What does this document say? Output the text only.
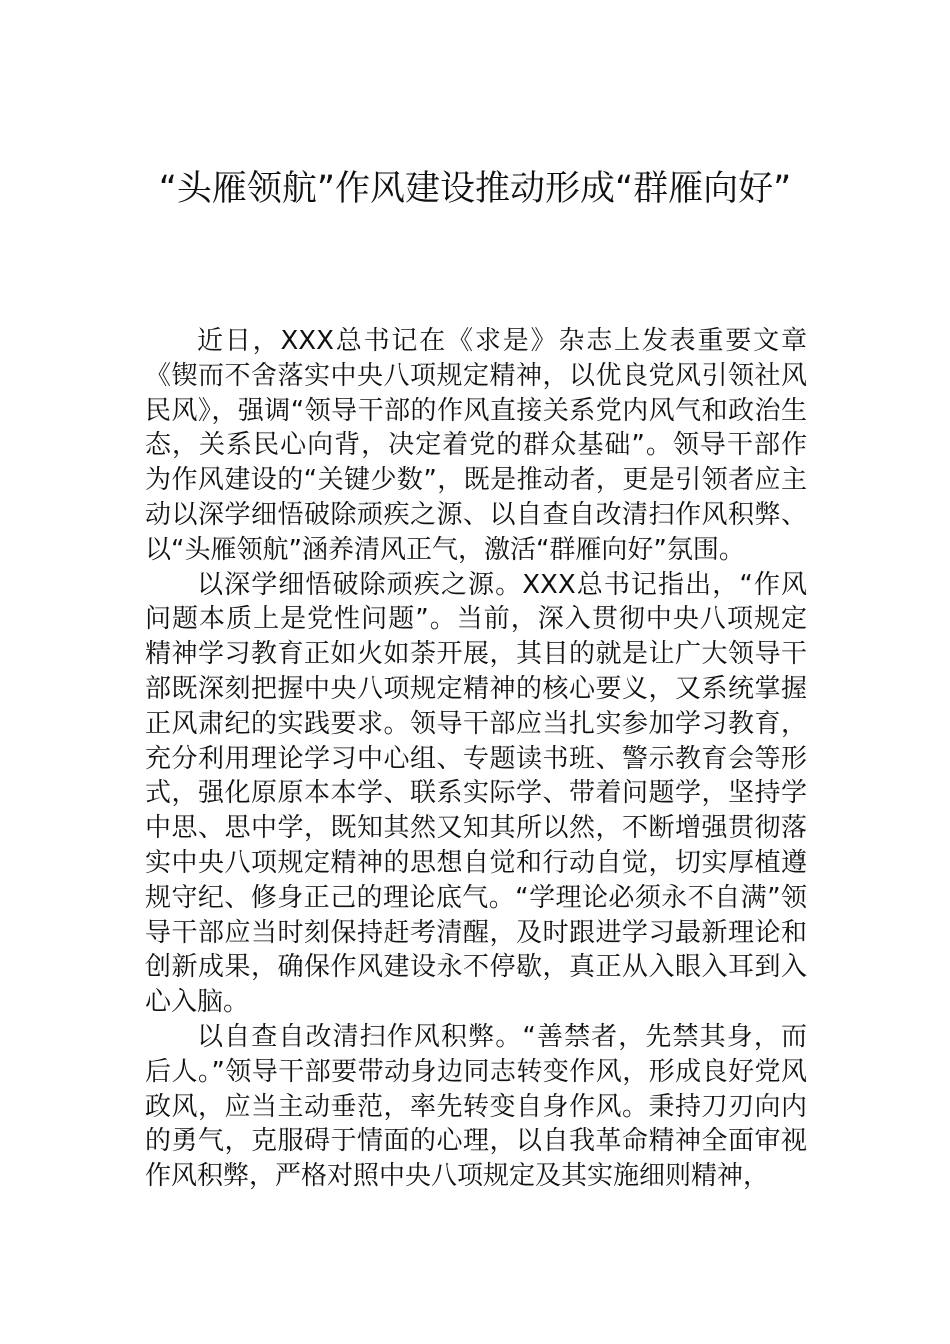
“头雁领航”作风建设推动形成“群雁向好”

近日，XXX总书记在《求是》杂志上发表重要文章《锲而不舍落实中央八项规定精神，以优良党风引领社风民风》，强调“领导干部的作风直接关系党内风气和政治生态，关系民心向背，决定着党的群众基础”。领导干部作为作风建设的“关键少数”，既是推动者，更是引领者应主动以深学细悟破除顽疾之源、以自查自改清扫作风积弊、以“头雁领航”涵养清风正气，激活“群雁向好”氛围。

以深学细悟破除顽疾之源。XXX总书记指出，“作风问题本质上是党性问题”。当前，深入贯彻中央八项规定精神学习教育正如火如荼开展，其目的就是让广大领导干部既深刻把握中央八项规定精神的核心要义，又系统掌握正风肃纪的实践要求。领导干部应当扎实参加学习教育，充分利用理论学习中心组、专题读书班、警示教育会等形式，强化原原本本学、联系实际学、带着问题学，坚持学中思、思中学，既知其然又知其所以然，不断增强贯彻落实中央八项规定精神的思想自觉和行动自觉，切实厚植遵规守纪、修身正己的理论底气。“学理论必须永不自满”领导干部应当时刻保持赶考清醒，及时跟进学习最新理论和创新成果，确保作风建设永不停歇，真正从入眼入耳到入心入脑。

以自查自改清扫作风积弊。“善禁者，先禁其身，而后人。”领导干部要带动身边同志转变作风，形成良好党风政风，应当主动垂范，率先转变自身作风。秉持刀刃向内的勇气，克服碍于情面的心理，以自我革命精神全面审视作风积弊，严格对照中央八项规定及其实施细则精神，
